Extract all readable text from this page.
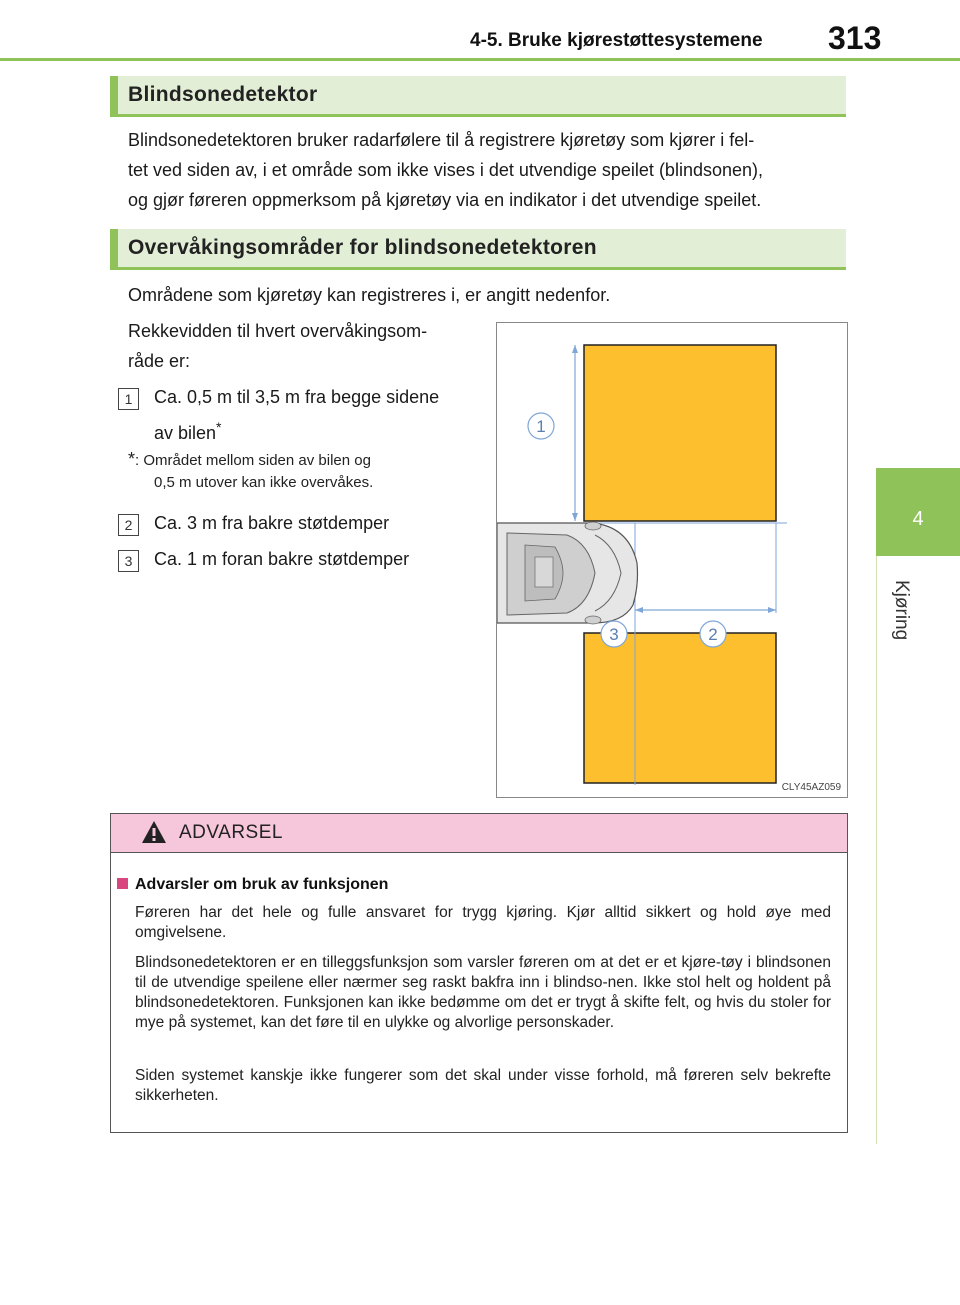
4-5. Bruke kjørestøttesystemene 313
4
Kjøring
Blindsonedetektor
Blindsonedetektoren bruker radarfølere til å registrere kjøretøy som kjører i fel-
tet ved siden av, i et område som ikke vises i det utvendige speilet (blindsonen),
og gjør føreren oppmerksom på kjøretøy via en indikator i det utvendige speilet.
Overvåkingsområder for blindsonedetektoren
Områdene som kjøretøy kan registreres i, er angitt nedenfor.
Rekkevidden til hvert overvåkingsom-
råde er:
1	Ca. 0,5 m til 3,5 m fra begge sidene
av bilen*
*: Området mellom siden av bilen og
0,5 m utover kan ikke overvåkes.
2	Ca. 3 m fra bakre støtdemper
3	Ca. 1 m foran bakre støtdemper
1
2
3
CLY45AZ059
ADVARSEL
Advarsler om bruk av funksjonen
Føreren har det hele og fulle ansvaret for trygg kjøring. Kjør alltid sikkert og hold øye med omgivelsene.
Blindsonedetektoren er en tilleggsfunksjon som varsler føreren om at det er et kjøre-tøy i blindsonen til de utvendige speilene eller nærmer seg raskt bakfra inn i blindso-nen. Ikke stol helt og holdent på blindsonedetektoren. Funksjonen kan ikke bedømme om det er trygt å skifte felt, og hvis du stoler for mye på systemet, kan det føre til en ulykke og alvorlige personskader.
Siden systemet kanskje ikke fungerer som det skal under visse forhold, må føreren selv bekrefte sikkerheten.
